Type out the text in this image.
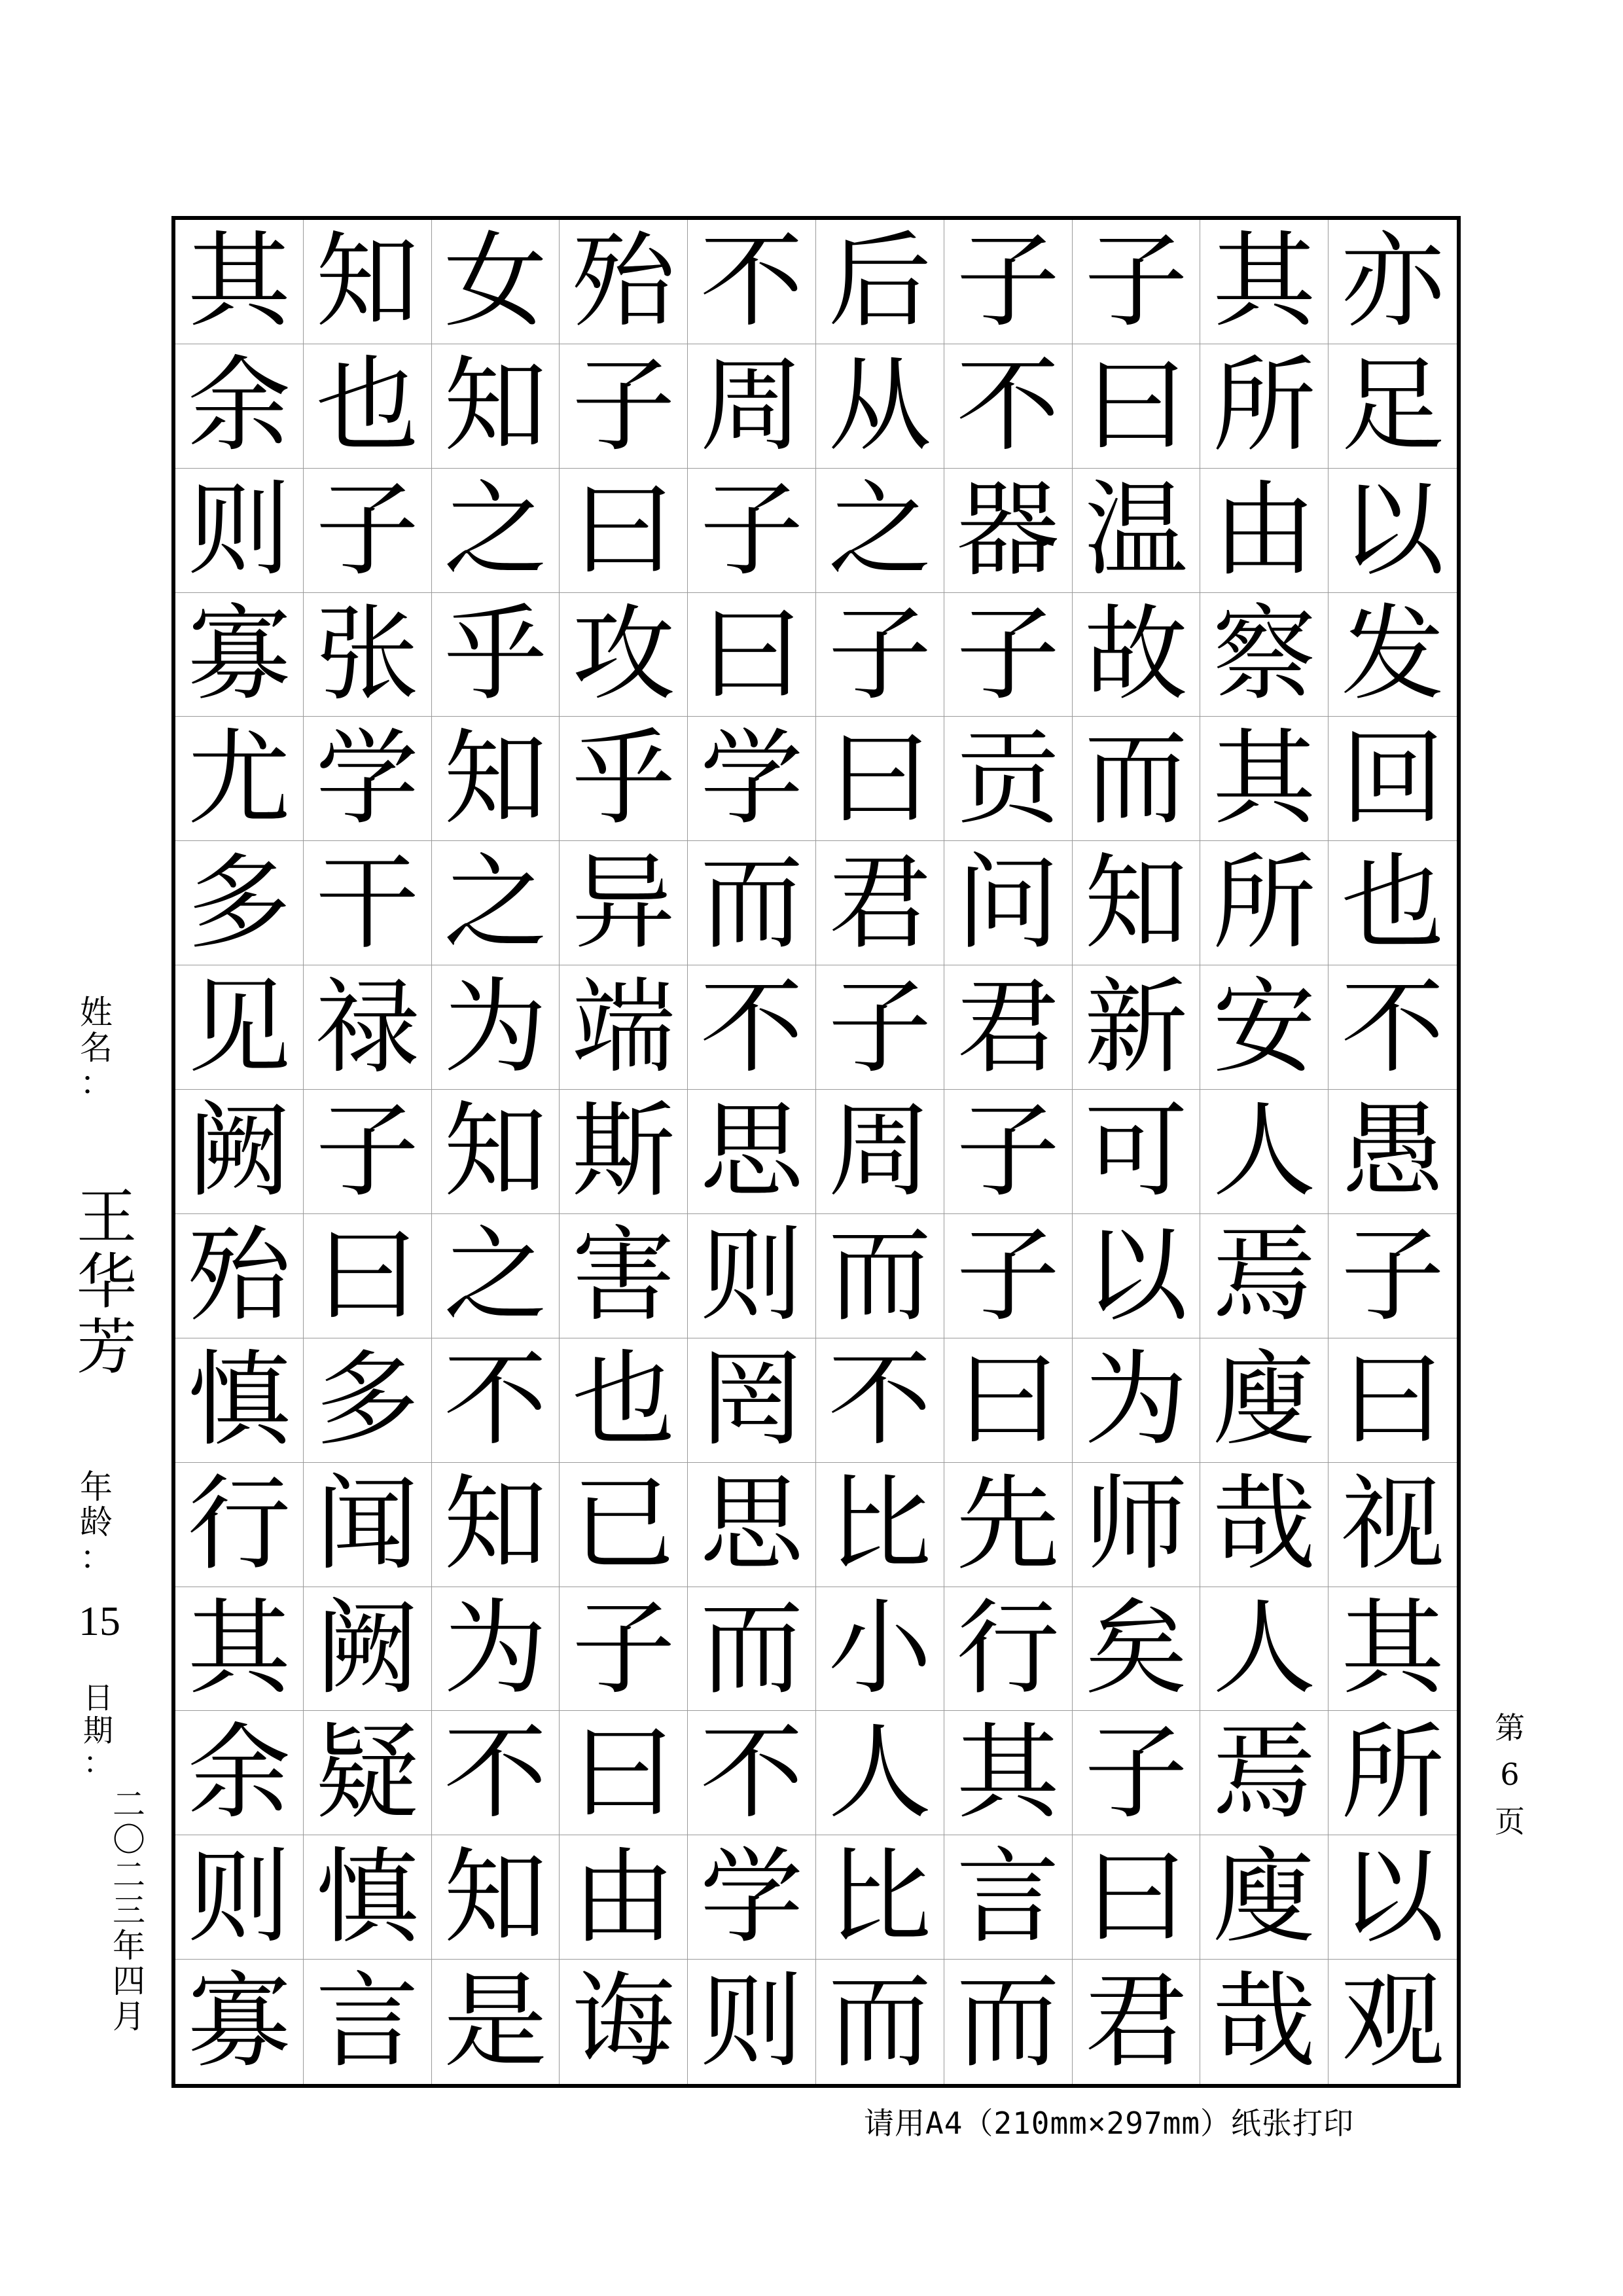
其 知 女 殆 不 后 子 子 其 亦
余 也 知 子 周 从 不 曰 所 足
则 子 之 曰 子 之 器 温 由 以
寡 张 乎 攻 曰 子 子 故 察 发
尤 学 知 乎 学 曰 贡 而 其 回
多 干 之 异 而 君 问 知 所 也
见 禄 为 端 不 子 君 新 安 不
阙 子 知 斯 思 周 子 可 人 愚
殆 曰 之 害 则 而 子 以 焉 子
慎 多 不 也 罔 不 曰 为 廋 曰
行 闻 知 已 思 比 先 师 哉 视
其 阙 为 子 而 小 行 矣 人 其
余 疑 不 曰 不 人 其 子 焉 所
则 慎 知 由 学 比 言 曰 廋 以
寡 言 是 诲 则 而 而 君 哉 观
姓
名
：
王
华
芳
年
龄
：
15
日
期
：
二
〇
二
三
年
四
月
第
6
页
请用A4（210mm×297mm）纸张打印
